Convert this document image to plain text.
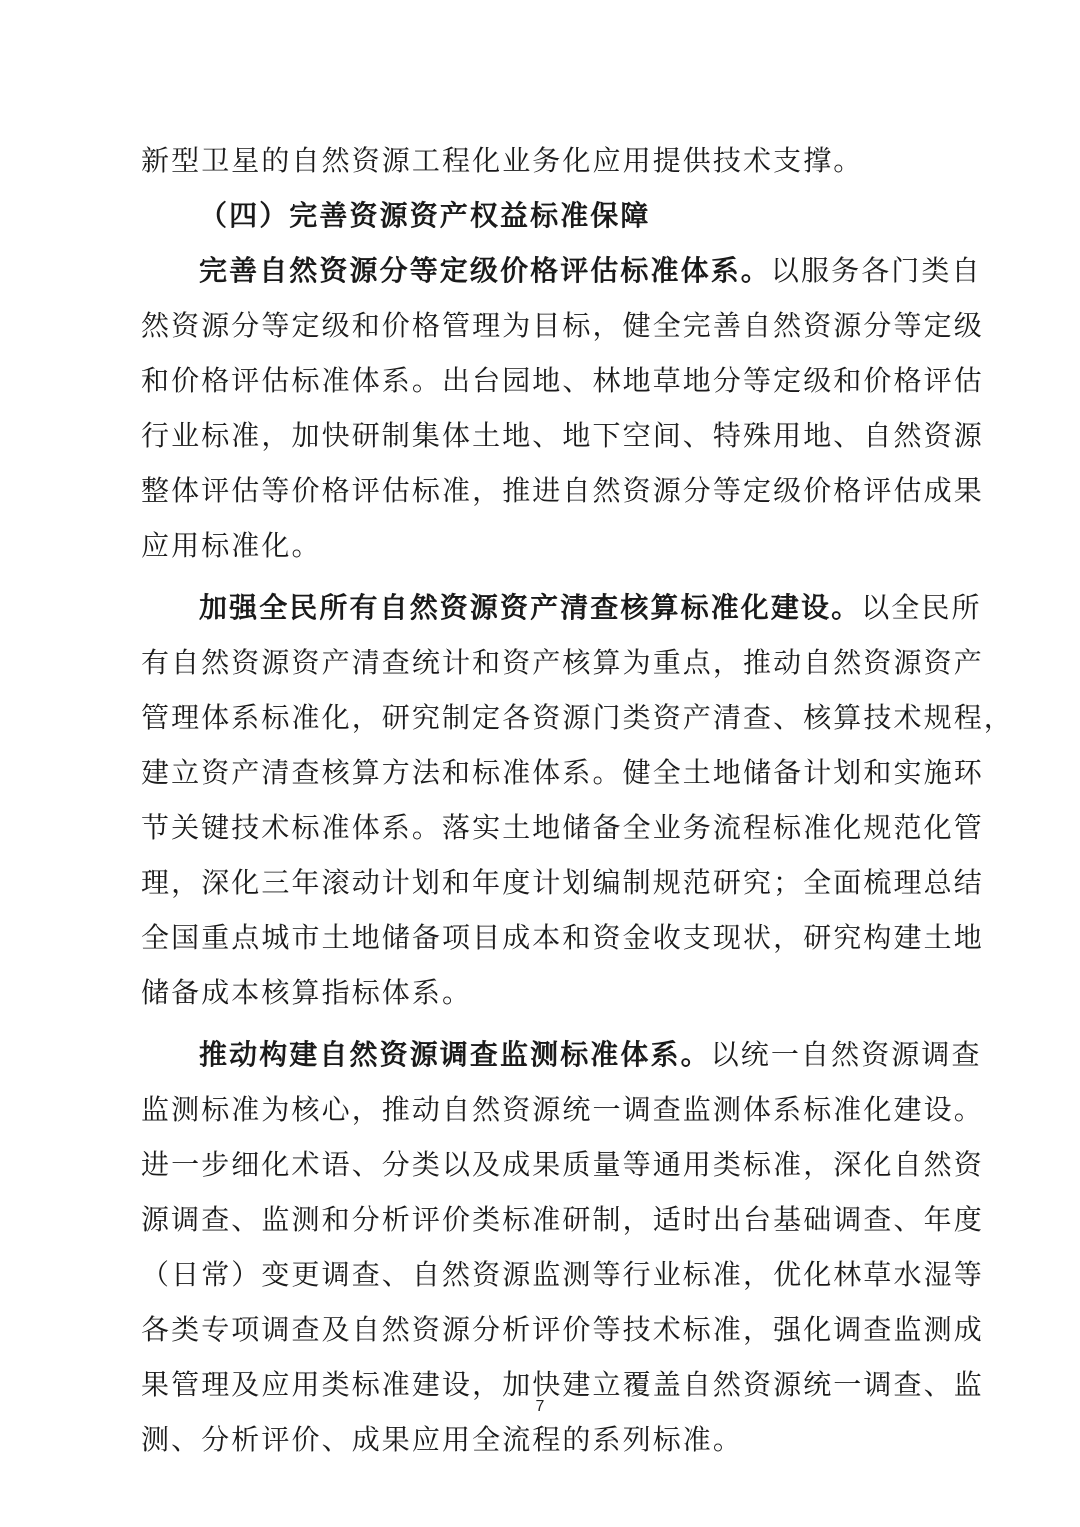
新型卫星的自然资源工程化业务化应用提供技术支撑。
（四）完善资源资产权益标准保障
完善自然资源分等定级价格评估标准体系。以服务各门类自
然资源分等定级和价格管理为目标，健全完善自然资源分等定级
和价格评估标准体系。出台园地、林地草地分等定级和价格评估
行业标准，加快研制集体土地、地下空间、特殊用地、自然资源
整体评估等价格评估标准，推进自然资源分等定级价格评估成果
应用标准化。
加强全民所有自然资源资产清查核算标准化建设。以全民所
有自然资源资产清查统计和资产核算为重点，推动自然资源资产
管理体系标准化，研究制定各资源门类资产清查、核算技术规程，
建立资产清查核算方法和标准体系。健全土地储备计划和实施环
节关键技术标准体系。落实土地储备全业务流程标准化规范化管
理，深化三年滚动计划和年度计划编制规范研究；全面梳理总结
全国重点城市土地储备项目成本和资金收支现状，研究构建土地
储备成本核算指标体系。
推动构建自然资源调查监测标准体系。以统一自然资源调查
监测标准为核心，推动自然资源统一调查监测体系标准化建设。
进一步细化术语、分类以及成果质量等通用类标准，深化自然资
源调查、监测和分析评价类标准研制，适时出台基础调查、年度
（日常）变更调查、自然资源监测等行业标准，优化林草水湿等
各类专项调查及自然资源分析评价等技术标准，强化调查监测成
果管理及应用类标准建设，加快建立覆盖自然资源统一调查、监
测、分析评价、成果应用全流程的系列标准。
7
